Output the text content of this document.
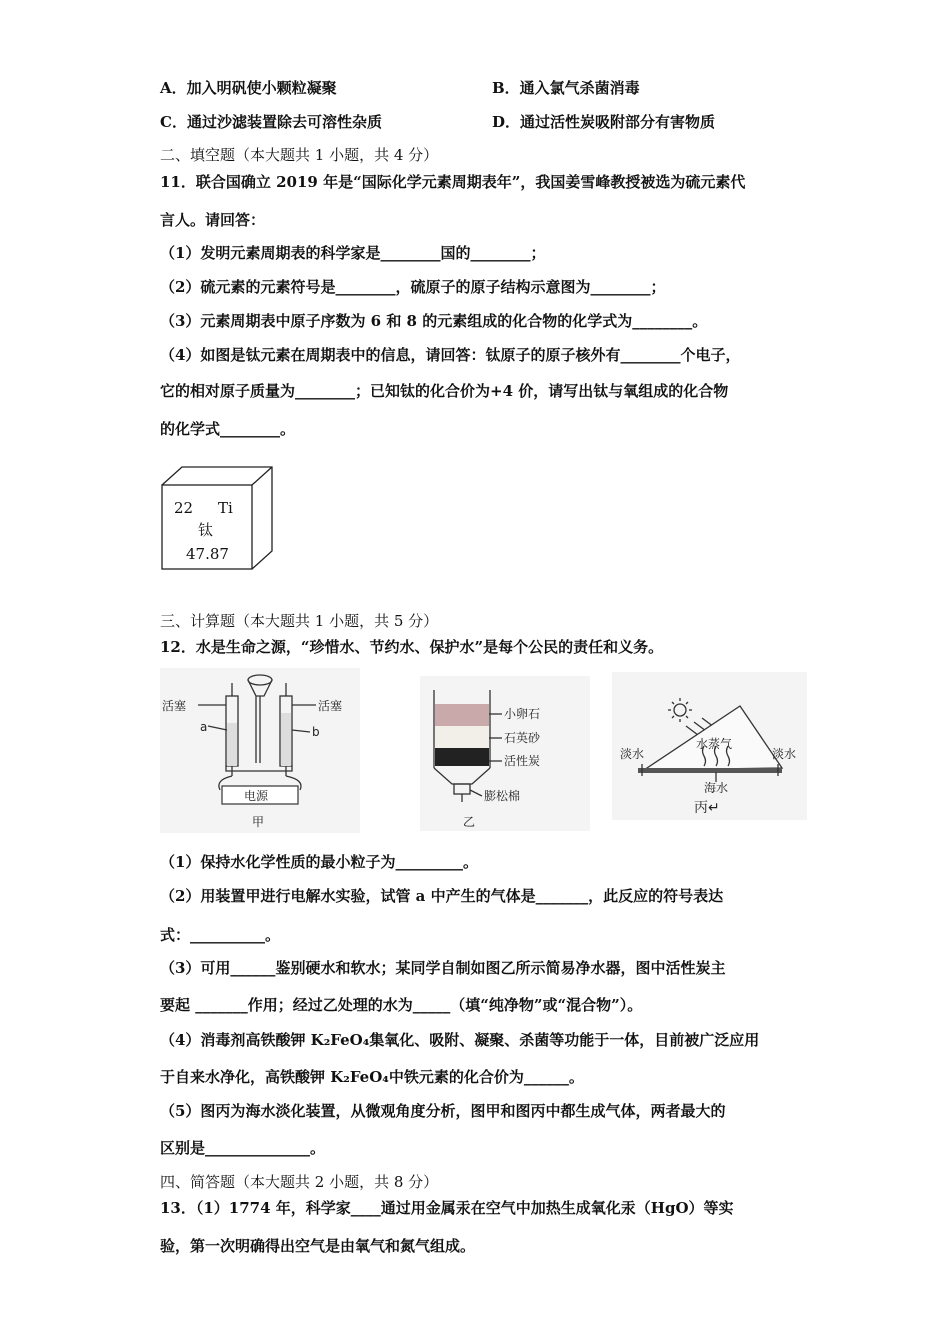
A．加入明矾使小颗粒凝聚	B．通入氯气杀菌消毒
C．通过沙滤装置除去可溶性杂质	D．通过活性炭吸附部分有害物质
二、填空题（本大题共 1 小题，共 4 分）
11．联合国确立 2019 年是“国际化学元素周期表年”，我国姜雪峰教授被选为硫元素代
言人。请回答：
（1）发明元素周期表的科学家是________国的________；
（2）硫元素的元素符号是________，硫原子的原子结构示意图为________；
（3）元素周期表中原子序数为 6 和 8 的元素组成的化合物的化学式为________。
（4）如图是钛元素在周期表中的信息，请回答：钛原子的原子核外有________个电子，
它的相对原子质量为________；已知钛的化合价为+4 价，请写出钛与氧组成的化合物
的化学式________。
22 Ti
钛
47.87
三、计算题（本大题共 1 小题，共 5 分）
12．水是生命之源，“珍惜水、节约水、保护水”是每个公民的责任和义务。
活塞	活塞
a	b
电源
甲
小卵石
石英砂
活性炭
膨松棉
乙
淡水
水蒸气
淡水
海水
丙↵
（1）保持水化学性质的最小粒子为_________。
（2）用装置甲进行电解水实验，试管 a 中产生的气体是_______，此反应的符号表达
式：__________。
（3）可用______鉴别硬水和软水；某同学自制如图乙所示简易净水器，图中活性炭主
要起 _______作用；经过乙处理的水为_____（填“纯净物”或“混合物”）。
（4）消毒剂高铁酸钾 K₂FeO₄集氧化、吸附、凝聚、杀菌等功能于一体，目前被广泛应用
于自来水净化，高铁酸钾 K₂FeO₄中铁元素的化合价为______。
（5）图丙为海水淡化装置，从微观角度分析，图甲和图丙中都生成气体，两者最大的
区别是______________。
四、简答题（本大题共 2 小题，共 8 分）
13．（1）1774 年，科学家____通过用金属汞在空气中加热生成氧化汞（HgO）等实
验，第一次明确得出空气是由氧气和氮气组成。
